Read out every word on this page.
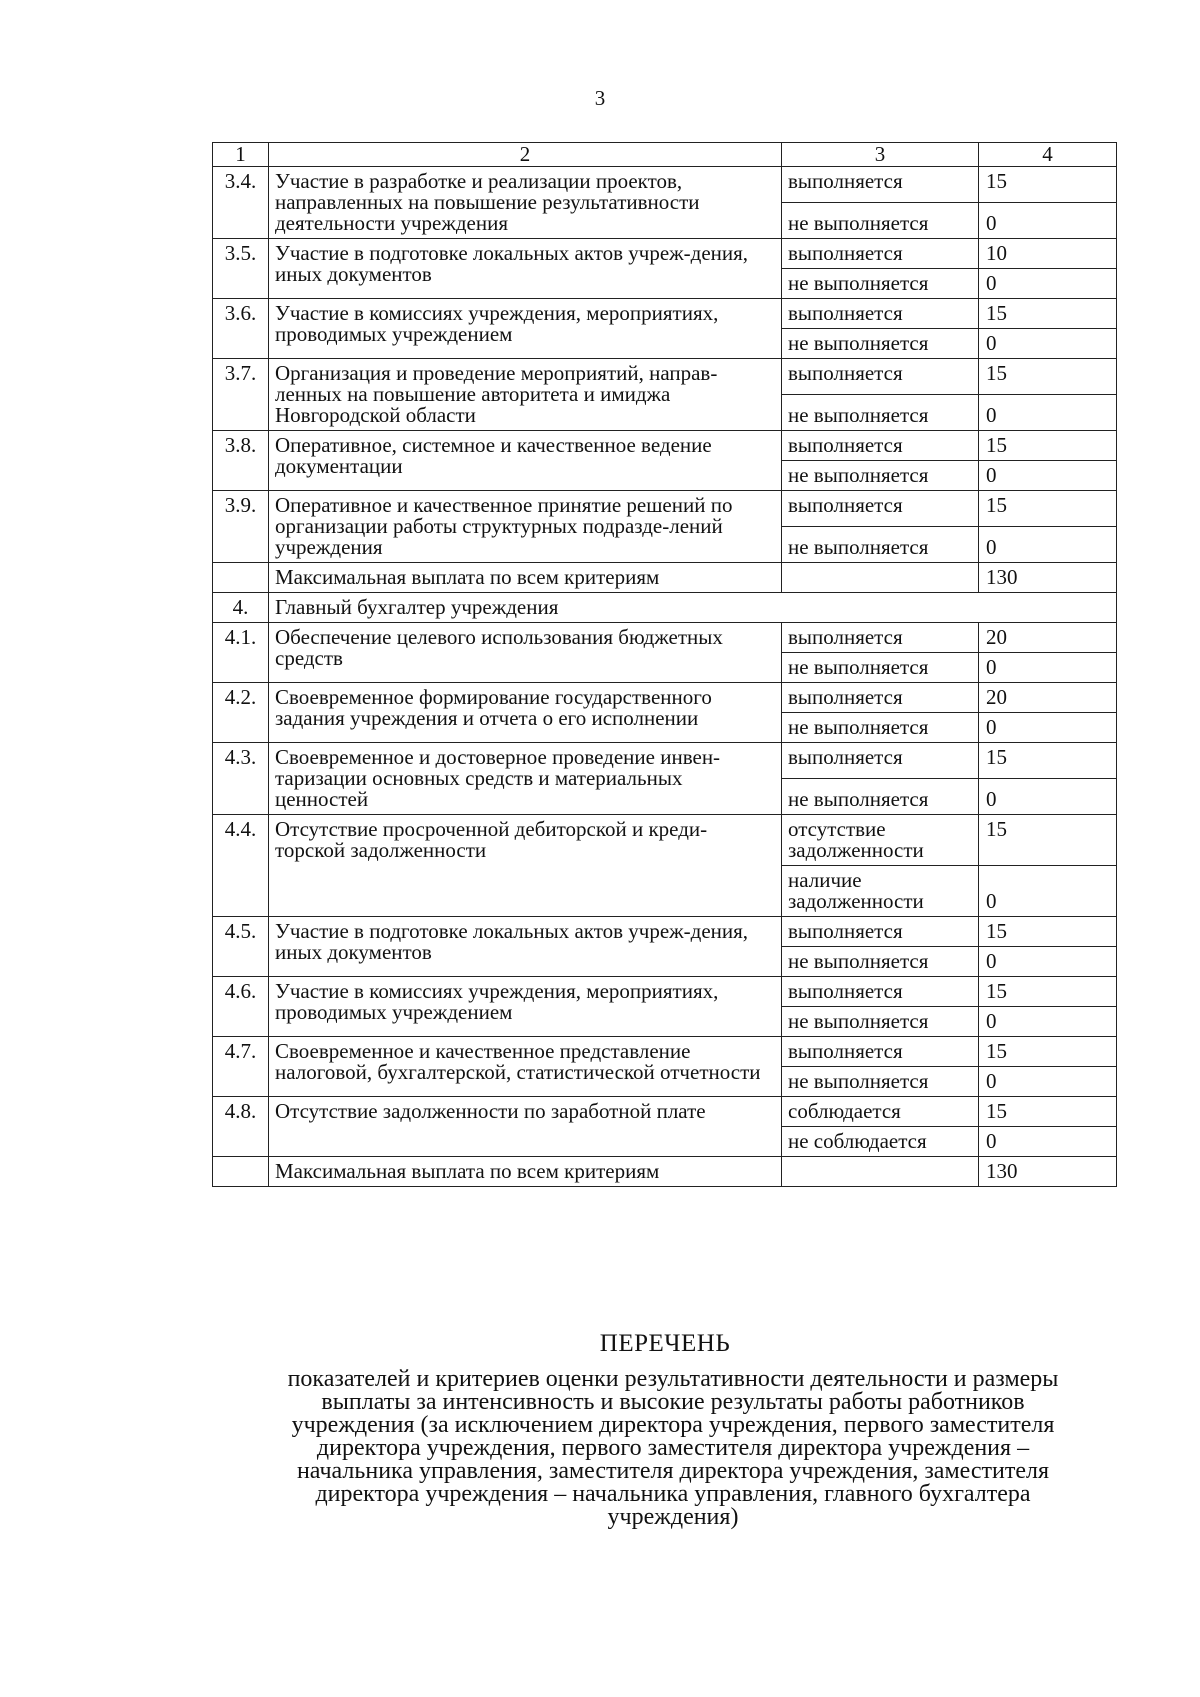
3
1	2	3	4
3.4.	Участие в разработке и реализации проектов, направленных на повышение результативности деятельности учреждения	выполняется	15
		не выполняется	0
3.5.	Участие в подготовке локальных актов учреж-дения, иных документов	выполняется	10
		не выполняется	0
3.6.	Участие в комиссиях учреждения, мероприятиях, проводимых учреждением	выполняется	15
		не выполняется	0
3.7.	Организация и проведение мероприятий, направ-ленных на повышение авторитета и имиджа Новгородской области	выполняется	15
		не выполняется	0
3.8.	Оперативное, системное и качественное ведение документации	выполняется	15
		не выполняется	0
3.9.	Оперативное и качественное принятие решений по организации работы структурных подразде-лений учреждения	выполняется	15
		не выполняется	0
	Максимальная выплата по всем критериям		130
4.	Главный бухгалтер учреждения		
4.1.	Обеспечение целевого использования бюджетных средств	выполняется	20
		не выполняется	0
4.2.	Своевременное формирование государственного задания учреждения и отчета о его исполнении	выполняется	20
		не выполняется	0
4.3.	Своевременное и достоверное проведение инвен-таризации основных средств и материальных ценностей	выполняется	15
		не выполняется	0
4.4.	Отсутствие просроченной дебиторской и креди-торской задолженности	отсутствие задолженности	15
		наличие задолженности	0
4.5.	Участие в подготовке локальных актов учреж-дения, иных документов	выполняется	15
		не выполняется	0
4.6.	Участие в комиссиях учреждения, мероприятиях, проводимых учреждением	выполняется	15
		не выполняется	0
4.7.	Своевременное и качественное представление налоговой, бухгалтерской, статистической отчетности	выполняется	15
		не выполняется	0
4.8.	Отсутствие задолженности по заработной плате	соблюдается	15
		не соблюдается	0
	Максимальная выплата по всем критериям		130
ПЕРЕЧЕНЬ
показателей и критериев оценки результативности деятельности и размеры
выплаты за интенсивность и высокие результаты работы работников
учреждения (за исключением директора учреждения, первого заместителя
директора учреждения, первого заместителя директора учреждения –
начальника управления, заместителя директора учреждения, заместителя
директора учреждения – начальника управления, главного бухгалтера
учреждения)
